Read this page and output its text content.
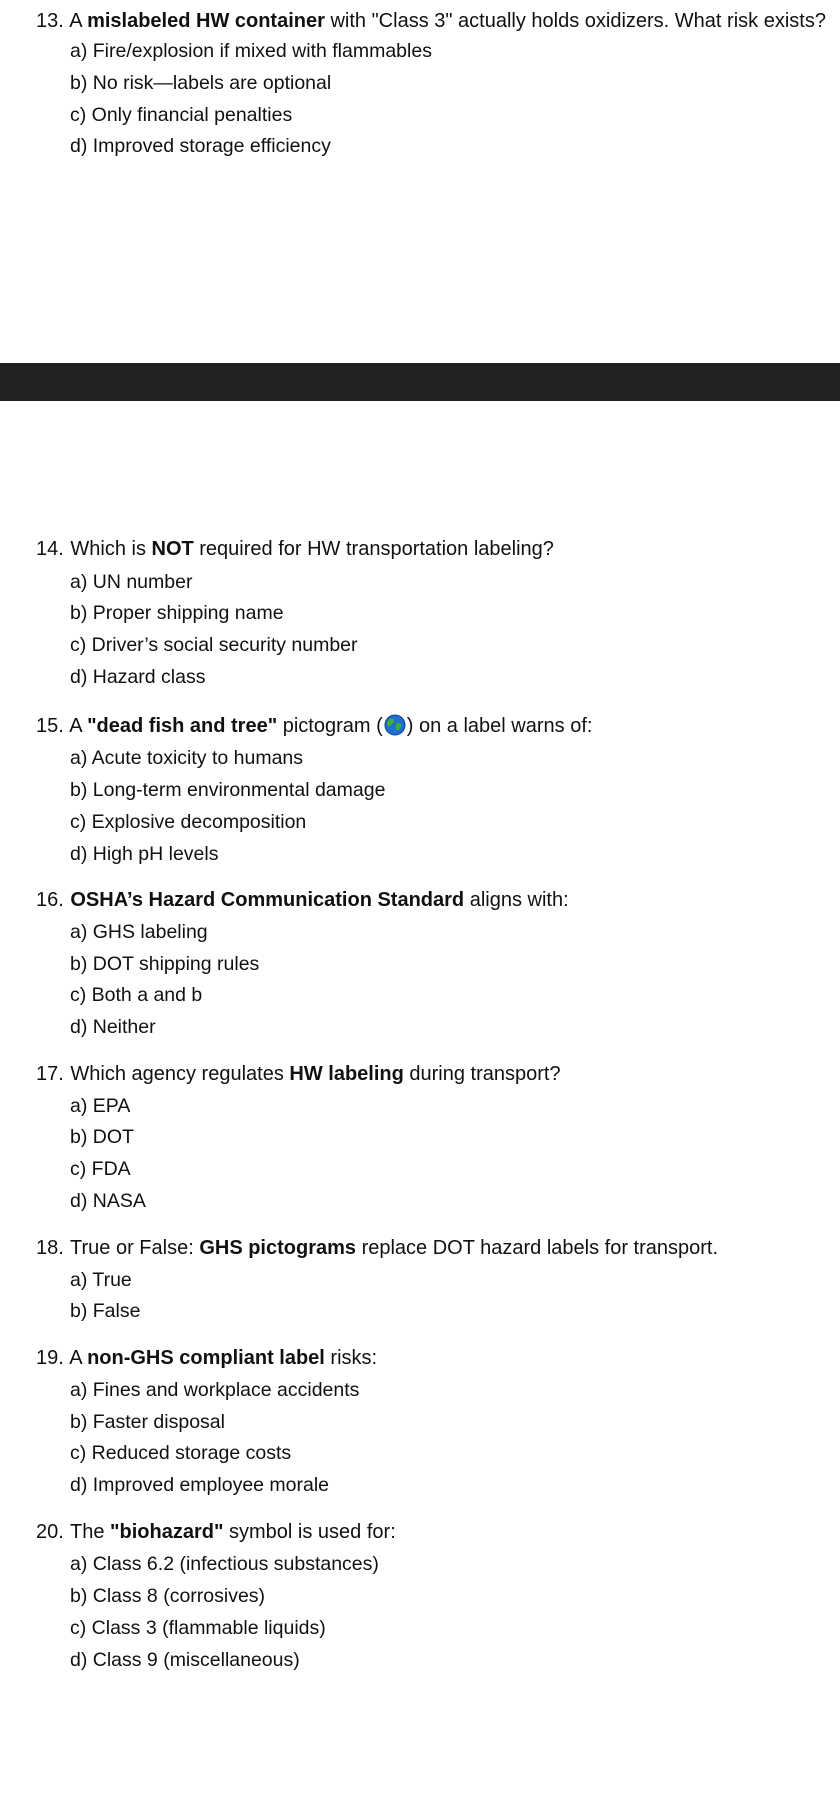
13. A mislabeled HW container with "Class 3" actually holds oxidizers. What risk exists?
a) Fire/explosion if mixed with flammables
b) No risk—labels are optional
c) Only financial penalties
d) Improved storage efficiency
14. Which is NOT required for HW transportation labeling?
a) UN number
b) Proper shipping name
c) Driver’s social security number
d) Hazard class
15. A "dead fish and tree" pictogram ( ) on a label warns of:
a) Acute toxicity to humans
b) Long-term environmental damage
c) Explosive decomposition
d) High pH levels
16. OSHA’s Hazard Communication Standard aligns with:
a) GHS labeling
b) DOT shipping rules
c) Both a and b
d) Neither
17. Which agency regulates HW labeling during transport?
a) EPA
b) DOT
c) FDA
d) NASA
18. True or False: GHS pictograms replace DOT hazard labels for transport.
a) True
b) False
19. A non-GHS compliant label risks:
a) Fines and workplace accidents
b) Faster disposal
c) Reduced storage costs
d) Improved employee morale
20. The "biohazard" symbol is used for:
a) Class 6.2 (infectious substances)
b) Class 8 (corrosives)
c) Class 3 (flammable liquids)
d) Class 9 (miscellaneous)
